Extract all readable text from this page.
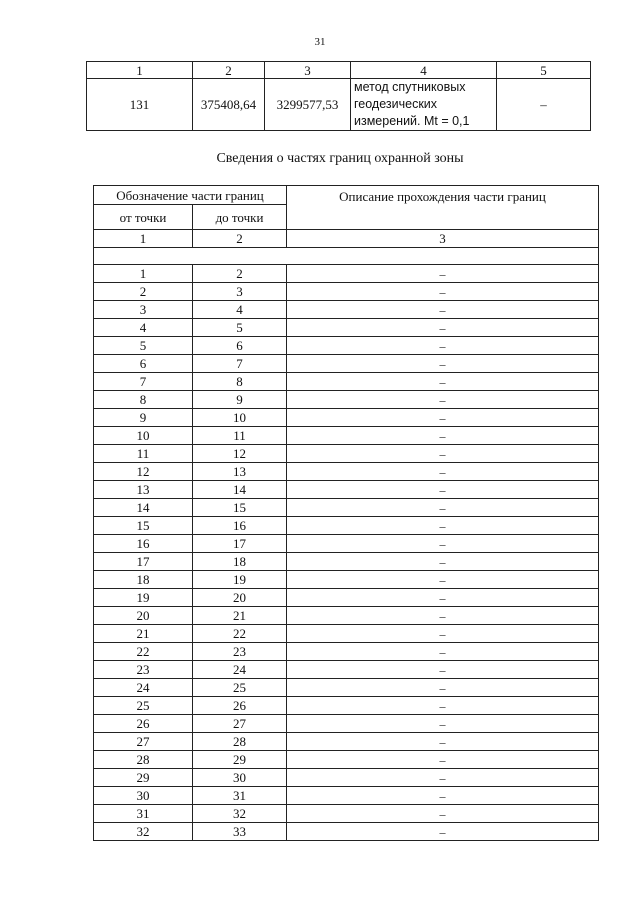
31
1	2	3	4	5
131	375408,64	3299577,53	метод спутниковых геодезических измерений. Mt = 0,1	–
Сведения о частях границ охранной зоны
Обозначение части границ		Описание прохождения части границ
от точки	до точки	
1	2	3

1	2	–
2	3	–
3	4	–
4	5	–
5	6	–
6	7	–
7	8	–
8	9	–
9	10	–
10	11	–
11	12	–
12	13	–
13	14	–
14	15	–
15	16	–
16	17	–
17	18	–
18	19	–
19	20	–
20	21	–
21	22	–
22	23	–
23	24	–
24	25	–
25	26	–
26	27	–
27	28	–
28	29	–
29	30	–
30	31	–
31	32	–
32	33	–
